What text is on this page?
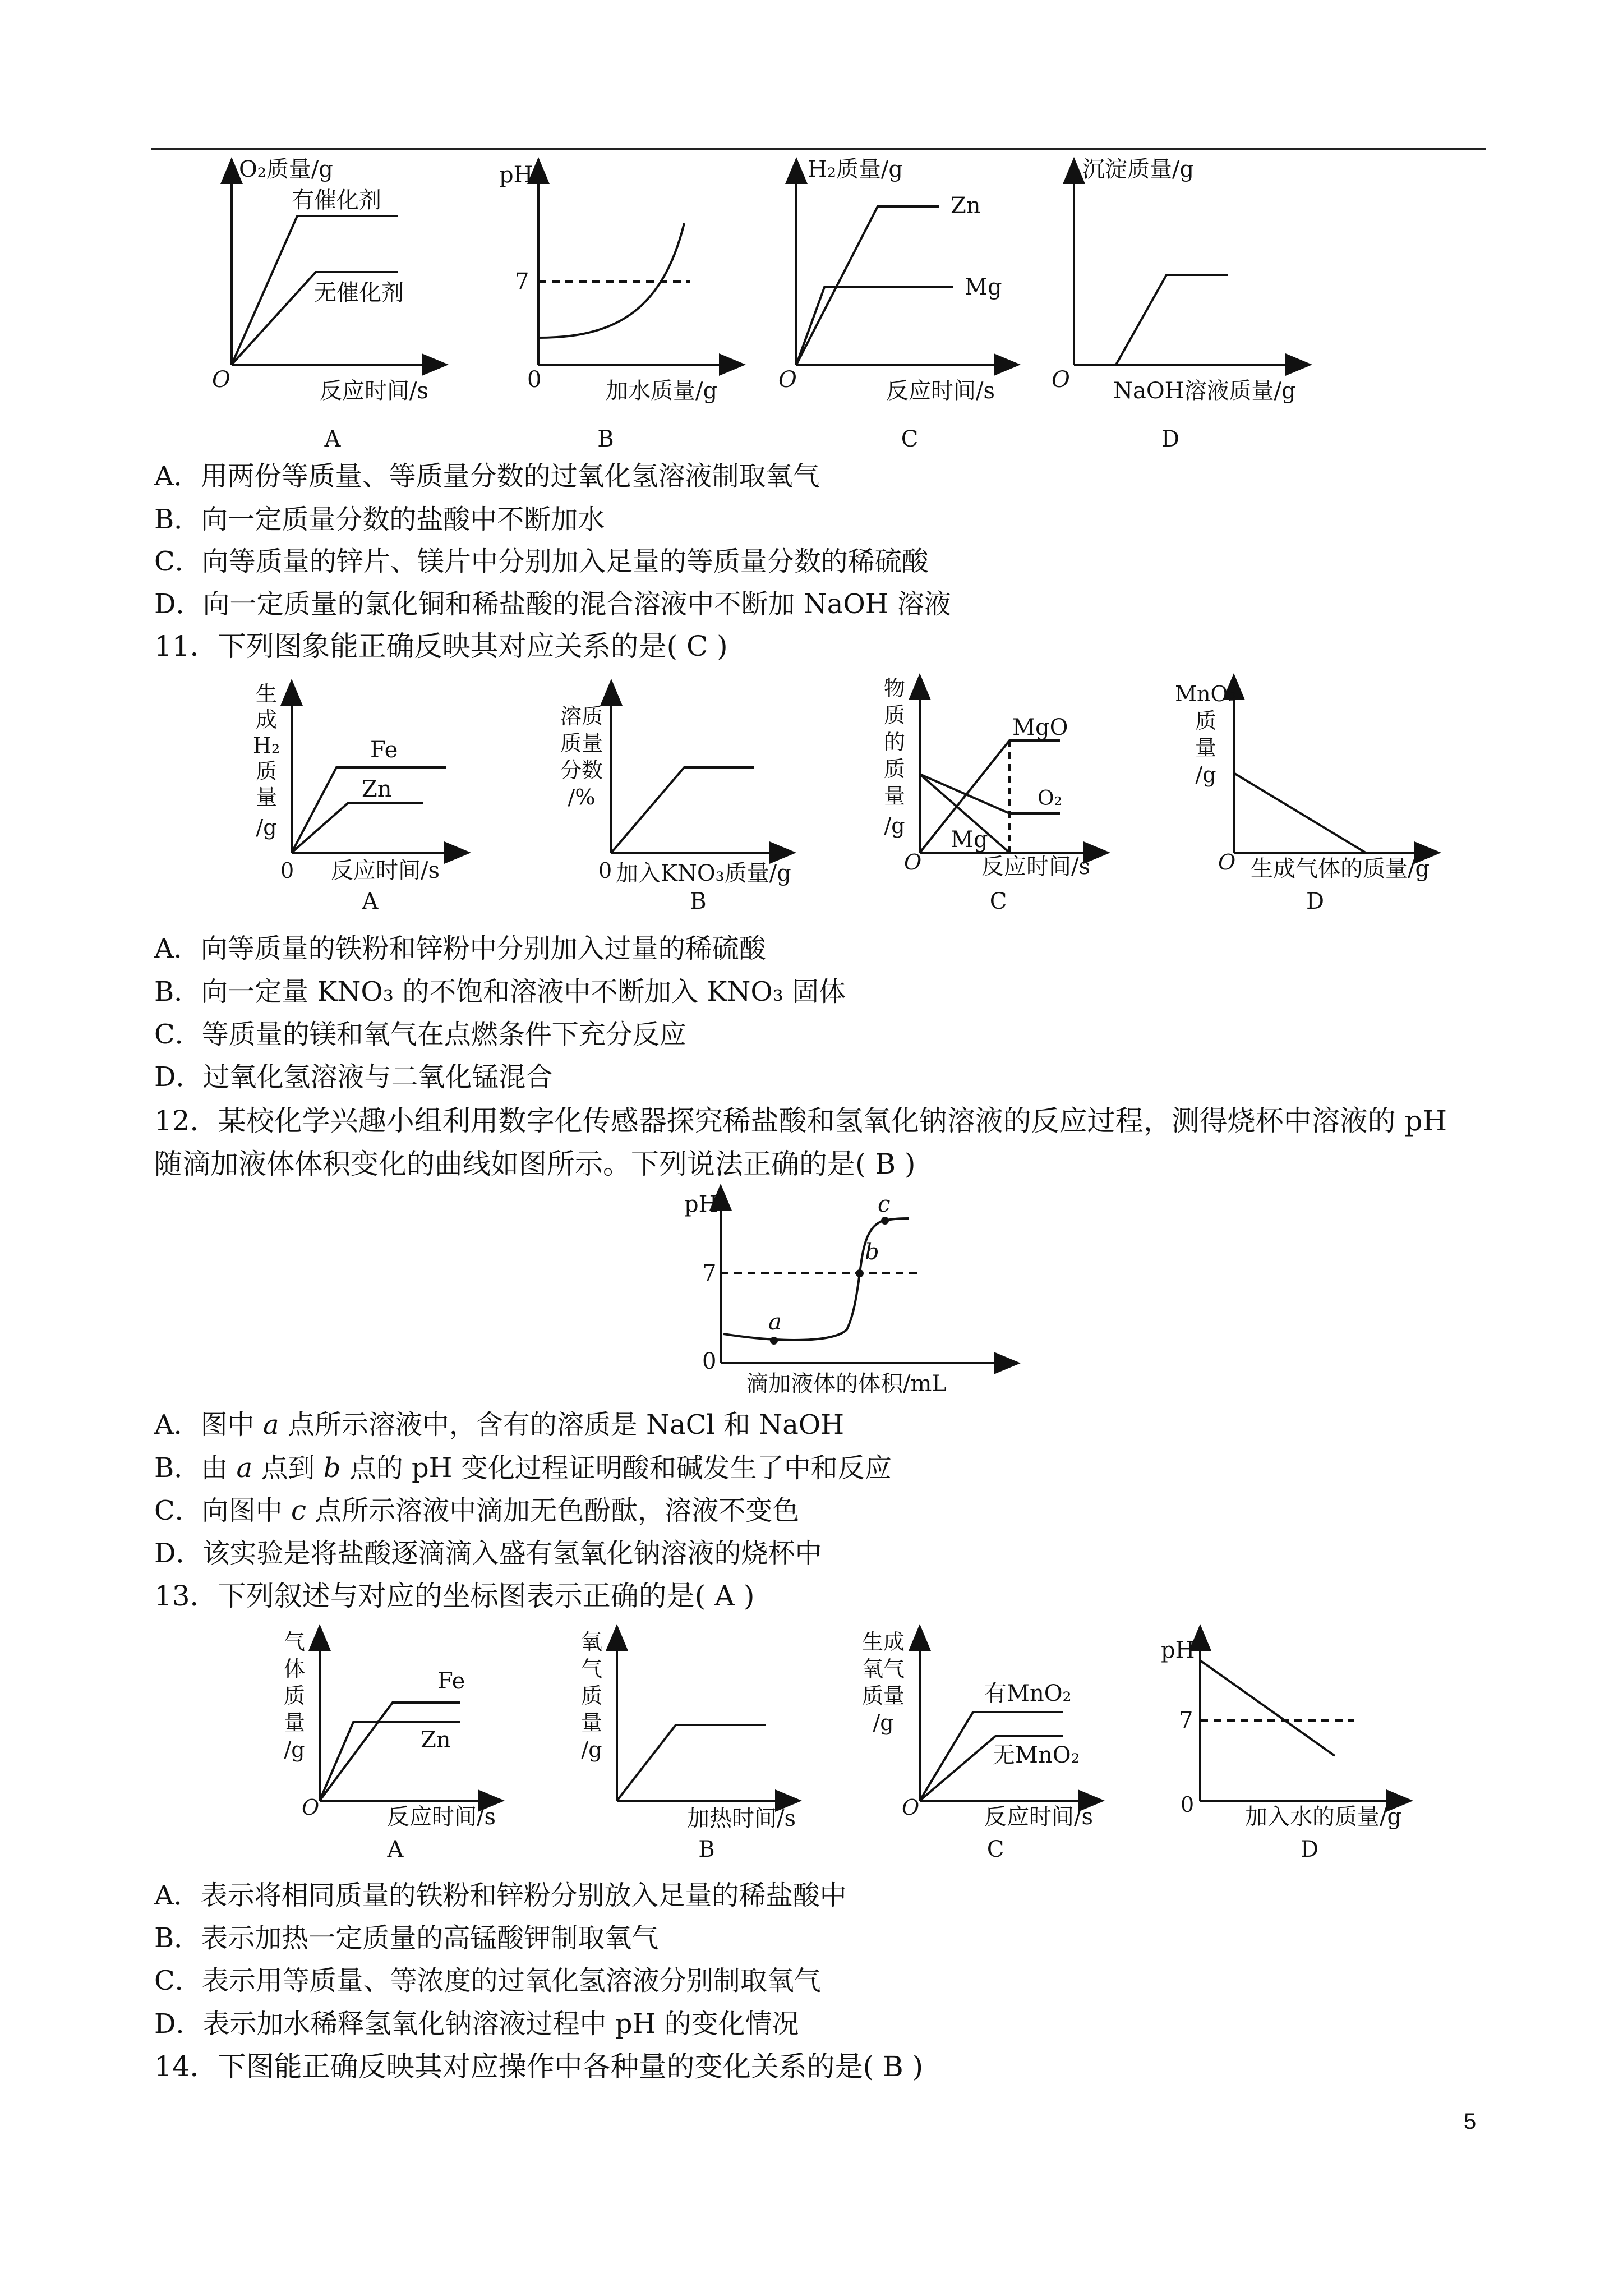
O₂质量/g
有催化剂
无催化剂
O	反应时间/s
A
pH
7
0	加水质量/g
B
H₂质量/g
Zn
Mg
O	反应时间/s
C
沉淀质量/g
O NaOH溶液质量/g
D
A．用两份等质量、等质量分数的过氧化氢溶液制取氧气
B．向一定质量分数的盐酸中不断加水
C．向等质量的锌片、镁片中分别加入足量的等质量分数的稀硫酸
D．向一定质量的氯化铜和稀盐酸的混合溶液中不断加 NaOH 溶液
11．下列图象能正确反映其对应关系的是( C )
Fe
Zn
生
成
H₂
质
量
/g
0 反应时间/s
A
溶质
质量
分数
/%
0 加入KNO₃质量/g
B
MgO
O₂
Mg
物
质
的
质
量
/g
O	反应时间/s
C
MnO₂
质
量
/g
O 生成气体的质量/g
D
A．向等质量的铁粉和锌粉中分别加入过量的稀硫酸
B．向一定量 KNO₃ 的不饱和溶液中不断加入 KNO₃ 固体
C．等质量的镁和氧气在点燃条件下充分反应
D．过氧化氢溶液与二氧化锰混合
12．某校化学兴趣小组利用数字化传感器探究稀盐酸和氢氧化钠溶液的反应过程，测得烧杯中溶液的 pH
随滴加液体体积变化的曲线如图所示。下列说法正确的是( B )
pH
7
0
a
b
c
滴加液体的体积/mL
A．图中 a 点所示溶液中，含有的溶质是 NaCl 和 NaOH
B．由 a 点到 b 点的 pH 变化过程证明酸和碱发生了中和反应
C．向图中 c 点所示溶液中滴加无色酚酞，溶液不变色
D．该实验是将盐酸逐滴滴入盛有氢氧化钠溶液的烧杯中
13．下列叙述与对应的坐标图表示正确的是( A )
Fe
Zn
气
体
质
量
/g
O	反应时间/s
A
氧
气
质
量
/g
加热时间/s
B
有MnO₂
无MnO₂
生成
氧气
质量
/g
O	反应时间/s
C
pH
7
0 加入水的质量/g
D
A．表示将相同质量的铁粉和锌粉分别放入足量的稀盐酸中
B．表示加热一定质量的高锰酸钾制取氧气
C．表示用等质量、等浓度的过氧化氢溶液分别制取氧气
D．表示加水稀释氢氧化钠溶液过程中 pH 的变化情况
14．下图能正确反映其对应操作中各种量的变化关系的是( B )
5
